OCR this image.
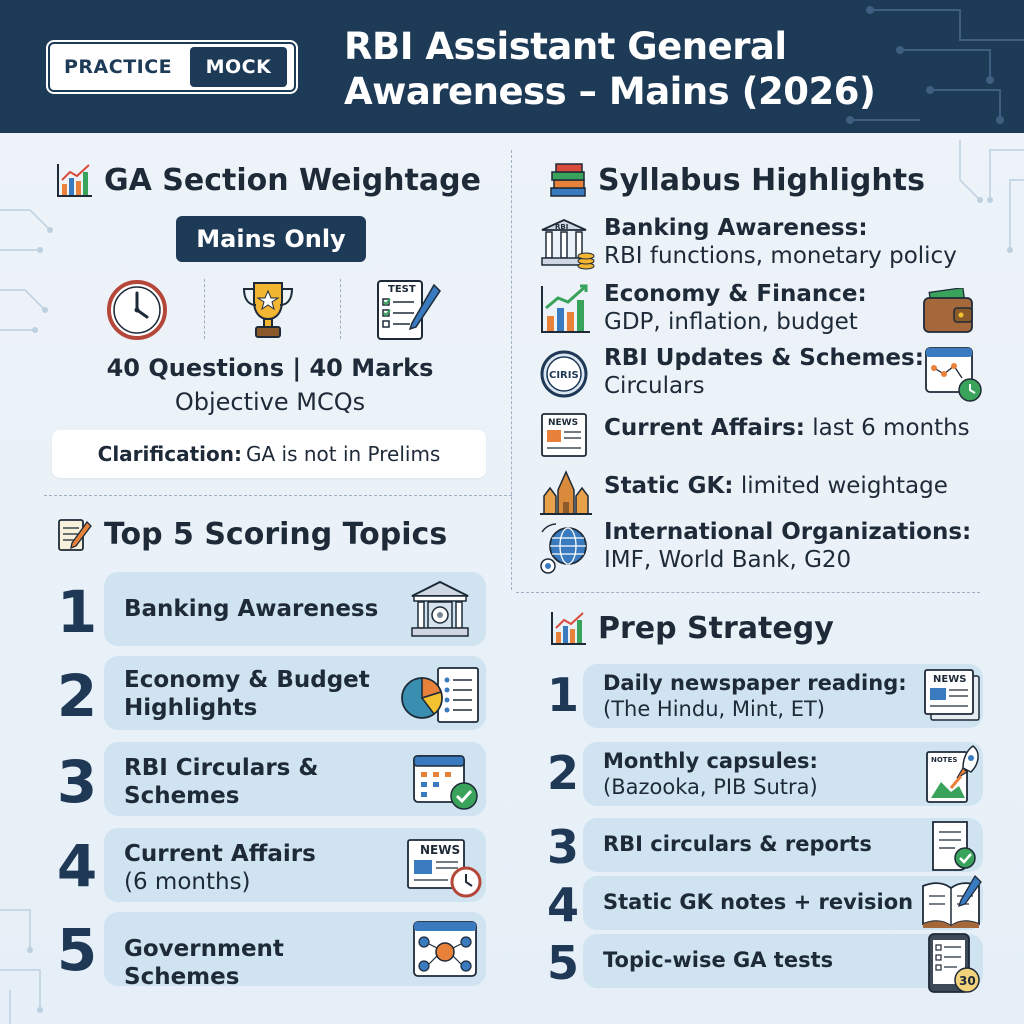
PRACTICE	MOCK	RBI Assistant General
Awareness – Mains (2026)
GA Section Weightage
Mains Only
TEST
40 Questions | 40 Marks
Objective MCQs
Clarification: GA is not in Prelims
Top 5 Scoring Topics
1 Banking Awareness
2 Economy & Budget
Highlights
3 RBI Circulars &
Schemes
4 Current Affairs
(6 months)
NEWS
5 Government Schemes
Syllabus Highlights
RBI Banking Awareness:
RBI functions, monetary policy
Economy & Finance:
GDP, inflation, budget
CIRIS
RBI Updates & Schemes:
Circulars
NEWS Current Affairs: last 6 months
Static GK: limited weightage
International Organizations:
IMF, World Bank, G20
Prep Strategy
1	Daily newspaper reading:
(The Hindu, Mint, ET)
NEWS
2	Monthly capsules:
(Bazooka, PIB Sutra)
NOTES
3	RBI circulars & reports
4	Static GK notes + revision
5	Topic-wise GA tests
30
